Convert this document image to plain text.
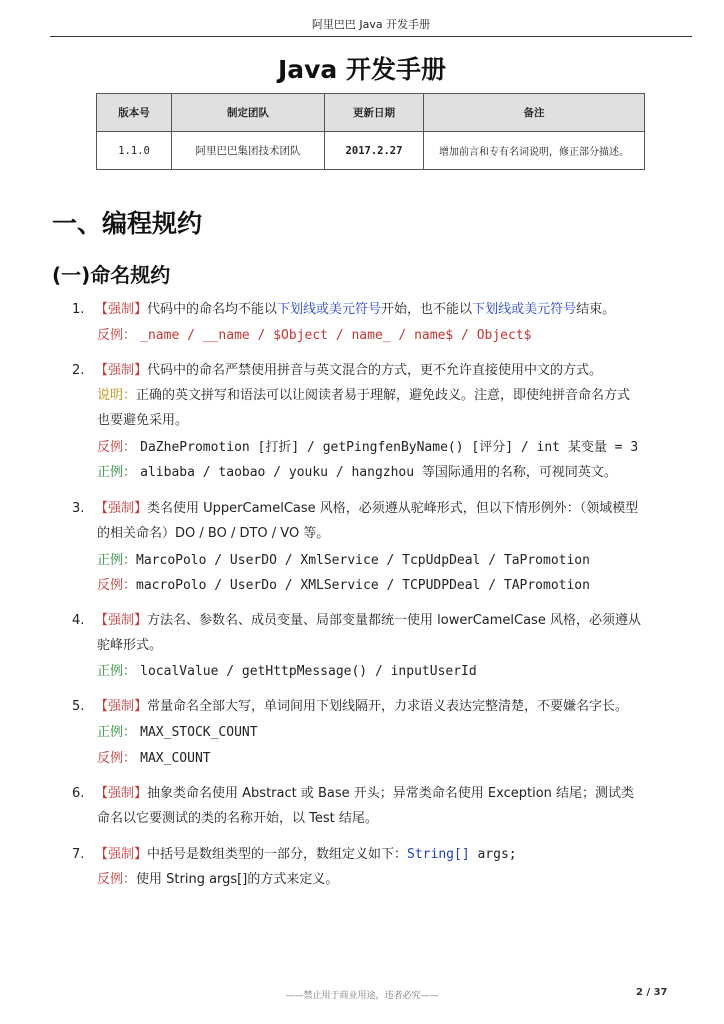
阿里巴巴 Java 开发手册
Java 开发手册
版本号	制定团队	更新日期	备注
1.1.0	阿里巴巴集团技术团队	2017.2.27	增加前言和专有名词说明，修正部分描述。
一、编程规约
(一)命名规约
1. 【强制】代码中的命名均不能以下划线或美元符号开始，也不能以下划线或美元符号结束。
反例： _name / __name / $Object / name_ / name$ / Object$
2. 【强制】代码中的命名严禁使用拼音与英文混合的方式，更不允许直接使用中文的方式。
说明：正确的英文拼写和语法可以让阅读者易于理解，避免歧义。注意，即使纯拼音命名方式
也要避免采用。
反例： DaZhePromotion [打折] / getPingfenByName() [评分] / int 某变量 = 3
正例： alibaba / taobao / youku / hangzhou 等国际通用的名称，可视同英文。
3. 【强制】类名使用 UpperCamelCase 风格，必须遵从驼峰形式，但以下情形例外：（领域模型
的相关命名）DO / BO / DTO / VO 等。
正例：MarcoPolo / UserDO / XmlService / TcpUdpDeal / TaPromotion
反例：macroPolo / UserDo / XMLService / TCPUDPDeal / TAPromotion
4. 【强制】方法名、参数名、成员变量、局部变量都统一使用 lowerCamelCase 风格，必须遵从
驼峰形式。
正例： localValue / getHttpMessage() / inputUserId
5. 【强制】常量命名全部大写，单词间用下划线隔开，力求语义表达完整清楚，不要嫌名字长。
正例： MAX_STOCK_COUNT
反例： MAX_COUNT
6. 【强制】抽象类命名使用 Abstract 或 Base 开头；异常类命名使用 Exception 结尾；测试类
命名以它要测试的类的名称开始，以 Test 结尾。
7. 【强制】中括号是数组类型的一部分，数组定义如下：String[] args;
反例：使用 String args[]的方式来定义。
——禁止用于商业用途，违者必究——	2 / 37
